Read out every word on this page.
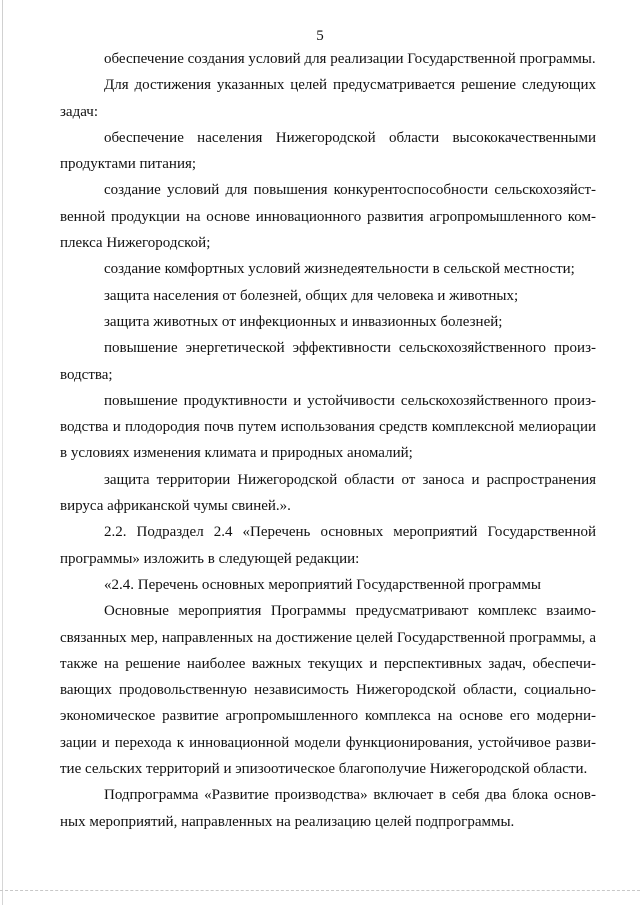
5

обеспечение создания условий для реализации Государственной программы.

Для достижения указанных целей предусматривается решение следующих задач:

обеспечение населения Нижегородской области высококачественными продуктами питания;

создание условий для повышения конкурентоспособности сельскохозяйственной продукции на основе инновационного развития агропромышленного комплекса Нижегородской;

создание комфортных условий жизнедеятельности в сельской местности;

защита населения от болезней, общих для человека и животных;

защита животных от инфекционных и инвазионных болезней;

повышение энергетической эффективности сельскохозяйственного производства;

повышение продуктивности и устойчивости сельскохозяйственного производства и плодородия почв путем использования средств комплексной мелиорации в условиях изменения климата и природных аномалий;

защита территории Нижегородской области от заноса и распространения вируса африканской чумы свиней.».

2.2. Подраздел 2.4 «Перечень основных мероприятий Государственной программы» изложить в следующей редакции:

«2.4. Перечень основных мероприятий Государственной программы

Основные мероприятия Программы предусматривают комплекс взаимосвязанных мер, направленных на достижение целей Государственной программы, а также на решение наиболее важных текущих и перспективных задач, обеспечивающих продовольственную независимость Нижегородской области, социально-экономическое развитие агропромышленного комплекса на основе его модернизации и перехода к инновационной модели функционирования, устойчивое развитие сельских территорий и эпизоотическое благополучие Нижегородской области.

Подпрограмма «Развитие производства» включает в себя два блока основных мероприятий, направленных на реализацию целей подпрограммы.
